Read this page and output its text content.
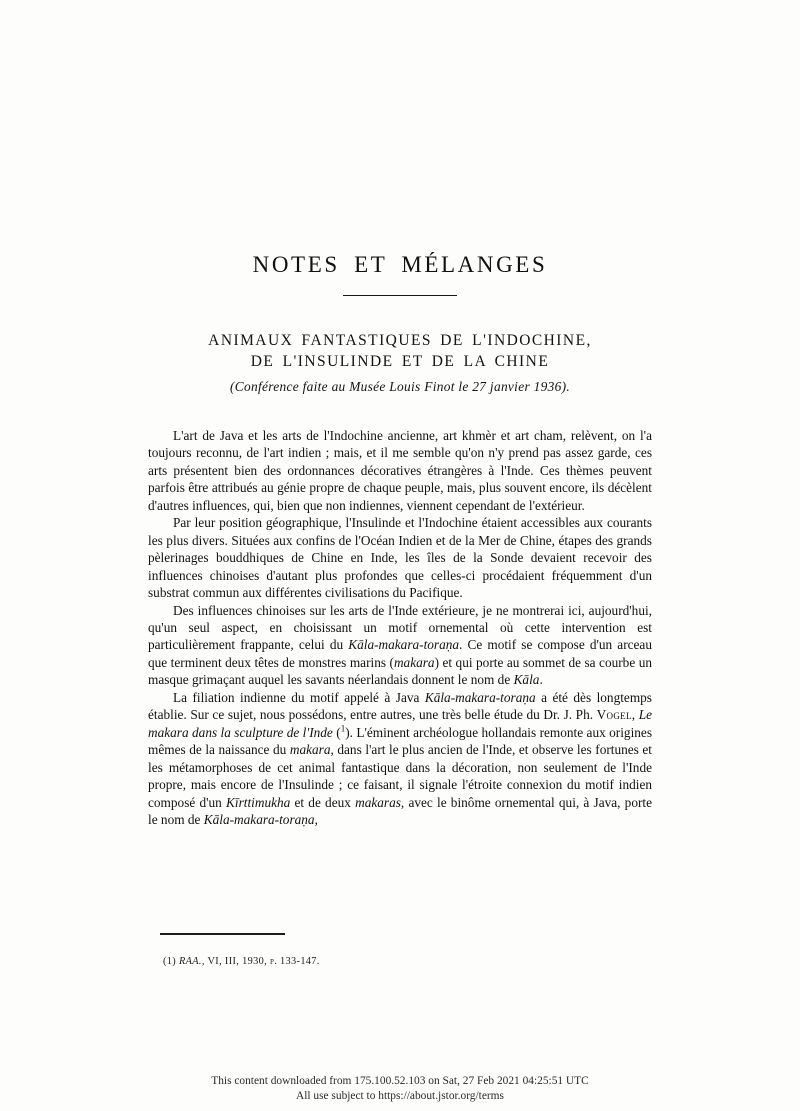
NOTES ET MÉLANGES
ANIMAUX FANTASTIQUES DE L'INDOCHINE,
DE L'INSULINDE ET DE LA CHINE
(Conférence faite au Musée Louis Finot le 27 janvier 1936).

L'art de Java et les arts de l'Indochine ancienne, art khmèr et art cham, relèvent, on l'a toujours reconnu, de l'art indien ; mais, et il me semble qu'on n'y prend pas assez garde, ces arts présentent bien des ordonnances décoratives étrangères à l'Inde. Ces thèmes peuvent parfois être attribués au génie propre de chaque peuple, mais, plus souvent encore, ils décèlent d'autres influences, qui, bien que non indiennes, viennent cependant de l'extérieur.

Par leur position géographique, l'Insulinde et l'Indochine étaient accessibles aux courants les plus divers. Situées aux confins de l'Océan Indien et de la Mer de Chine, étapes des grands pèlerinages bouddhiques de Chine en Inde, les îles de la Sonde devaient recevoir des influences chinoises d'autant plus profondes que celles-ci procédaient fréquemment d'un substrat commun aux différentes civilisations du Pacifique.

Des influences chinoises sur les arts de l'Inde extérieure, je ne montrerai ici, aujourd'hui, qu'un seul aspect, en choisissant un motif ornemental où cette intervention est particulièrement frappante, celui du Kāla-makara-toraṇa. Ce motif se compose d'un arceau que terminent deux têtes de monstres marins (makara) et qui porte au sommet de sa courbe un masque grimaçant auquel les savants néerlandais donnent le nom de Kāla.

La filiation indienne du motif appelé à Java Kāla-makara-toraṇa a été dès longtemps établie. Sur ce sujet, nous possédons, entre autres, une très belle étude du Dr. J. Ph. Vogel, Le makara dans la sculpture de l'Inde ($^1$). L'éminent archéologue hollandais remonte aux origines mêmes de la naissance du makara, dans l'art le plus ancien de l'Inde, et observe les fortunes et les métamorphoses de cet animal fantastique dans la décoration, non seulement de l'Inde propre, mais encore de l'Insulinde ; ce faisant, il signale l'étroite connexion du motif indien composé d'un Kīrttimukha et de deux makaras, avec le binôme ornemental qui, à Java, porte le nom de Kāla-makara-toraṇa,

(1) RAA., VI, III, 1930, p. 133-147.
This content downloaded from 175.100.52.103 on Sat, 27 Feb 2021 04:25:51 UTC
All use subject to https://about.jstor.org/terms
